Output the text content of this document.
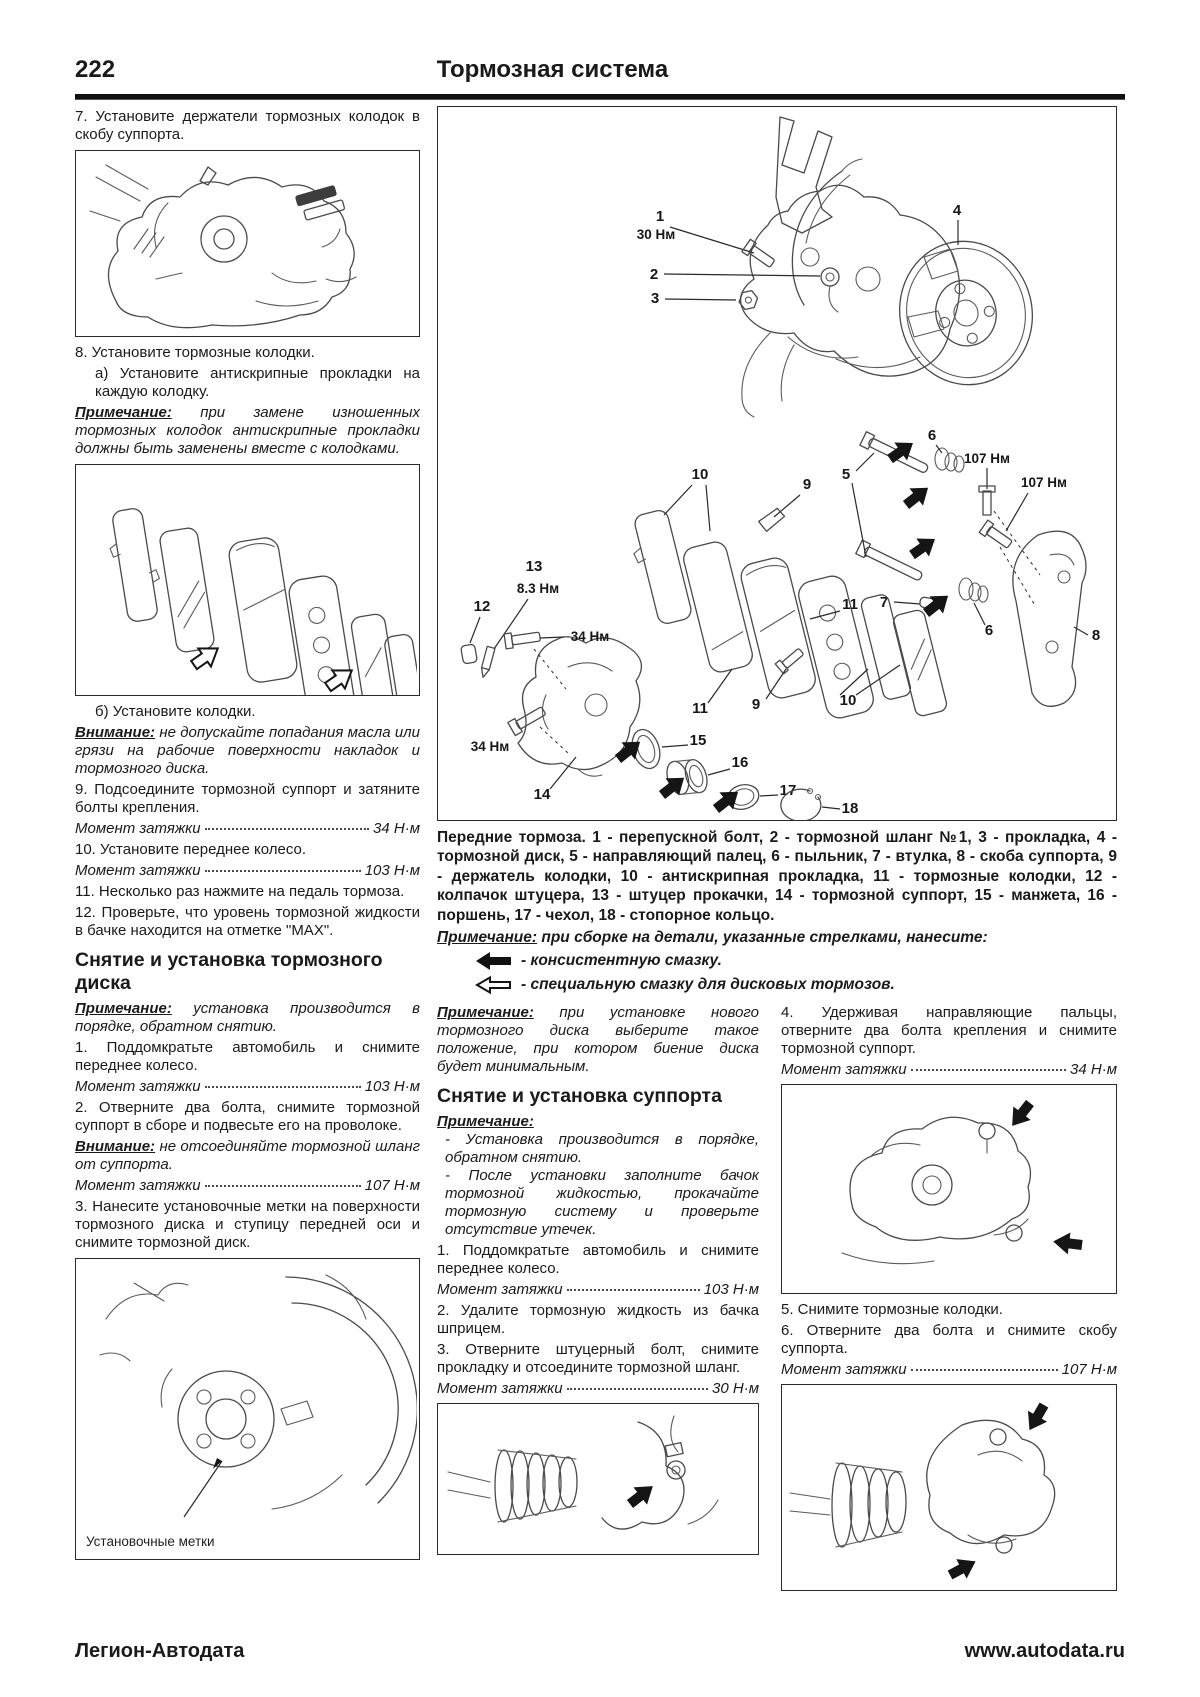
222	Тормозная система

7. Установите держатели тормозных колодок в скобу суппорта.

8. Установите тормозные колодки.

а) Установите антискрипные прокладки на каждую колодку.

Примечание: при замене изношенных тормозных колодок антискрипные прокладки должны быть заменены вместе с колодками.

б) Установите колодки.

Внимание: не допускайте попадания масла или грязи на рабочие поверхности накладок и тормозного диска.

9. Подсоедините тормозной суппорт и затяните болты крепления.

Момент затяжки	34 Н·м

10. Установите переднее колесо.

Момент затяжки	103 Н·м

11. Несколько раз нажмите на педаль тормоза.

12. Проверьте, что уровень тормозной жидкости в бачке находится на отметке "MAX".

Снятие и установка тормозного диска

Примечание: установка производится в порядке, обратном снятию.

1. Поддомкратьте автомобиль и снимите переднее колесо.

Момент затяжки	103 Н·м

2. Отверните два болта, снимите тормозной суппорт в сборе и подвесьте его на проволоке.

Внимание: не отсоединяйте тормозной шланг от суппорта.

Момент затяжки	107 Н·м

3. Нанесите установочные метки на поверхности тормозного диска и ступицу передней оси и снимите тормозной диск.

Установочные метки
1
30 Нм
2
3
4
5
6
6
107 Нм
107 Нм
8
7
10
9
11
11	9	10
14
34 Нм
13
8.3 Нм
12
34 Нм
15
16
17
18

Передние тормоза. 1 - перепускной болт, 2 - тормозной шланг №1, 3 - прокладка, 4 - тормозной диск, 5 - направляющий палец, 6 - пыльник, 7 - втулка, 8 - скоба суппорта, 9 - держатель колодки, 10 - антискрипная прокладка, 11 - тормозные колодки, 12 - колпачок штуцера, 13 - штуцер прокачки, 14 - тормозной суппорт, 15 - манжета, 16 - поршень, 17 - чехол, 18 - стопорное кольцо.

Примечание: при сборке на детали, указанные стрелками, нанесите:

- консистентную смазку.
- специальную смазку для дисковых тормозов.

Примечание: при установке нового тормозного диска выберите такое положение, при котором биение диска будет минимальным.

Снятие и установка суппорта

Примечание:

- Установка производится в порядке, обратном снятию.

- После установки заполните бачок тормозной жидкостью, прокачайте тормозную систему и проверьте отсутствие утечек.

1. Поддомкратьте автомобиль и снимите переднее колесо.

Момент затяжки	103 Н·м

2. Удалите тормозную жидкость из бачка шприцем.

3. Отверните штуцерный болт, снимите прокладку и отсоедините тормозной шланг.

Момент затяжки	30 Н·м

4. Удерживая направляющие пальцы, отверните два болта крепления и снимите тормозной суппорт.

Момент затяжки	34 Н·м

5. Снимите тормозные колодки.

6. Отверните два болта и снимите скобу суппорта.

Момент затяжки	107 Н·м
Легион-Автодата	www.autodata.ru
